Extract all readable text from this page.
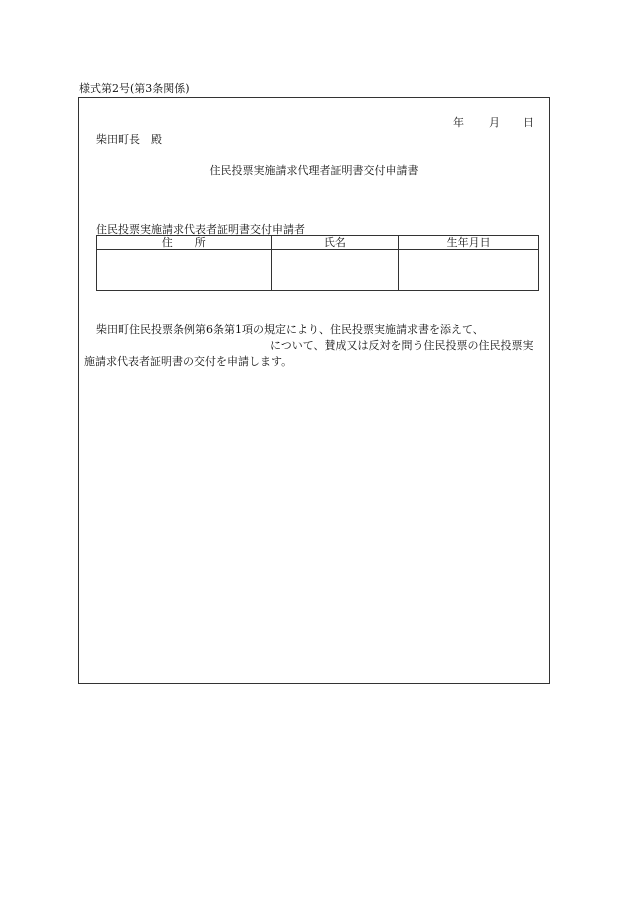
様式第2号(第3条関係)
年 月 日
柴田町長　殿
住民投票実施請求代理者証明書交付申請書
住民投票実施請求代表者証明書交付申請者
住　　所	氏名	生年月日

柴田町住民投票条例第6条第1項の規定により、住民投票実施請求書を添えて、
について、賛成又は反対を問う住民投票の住民投票実
施請求代表者証明書の交付を申請します。
